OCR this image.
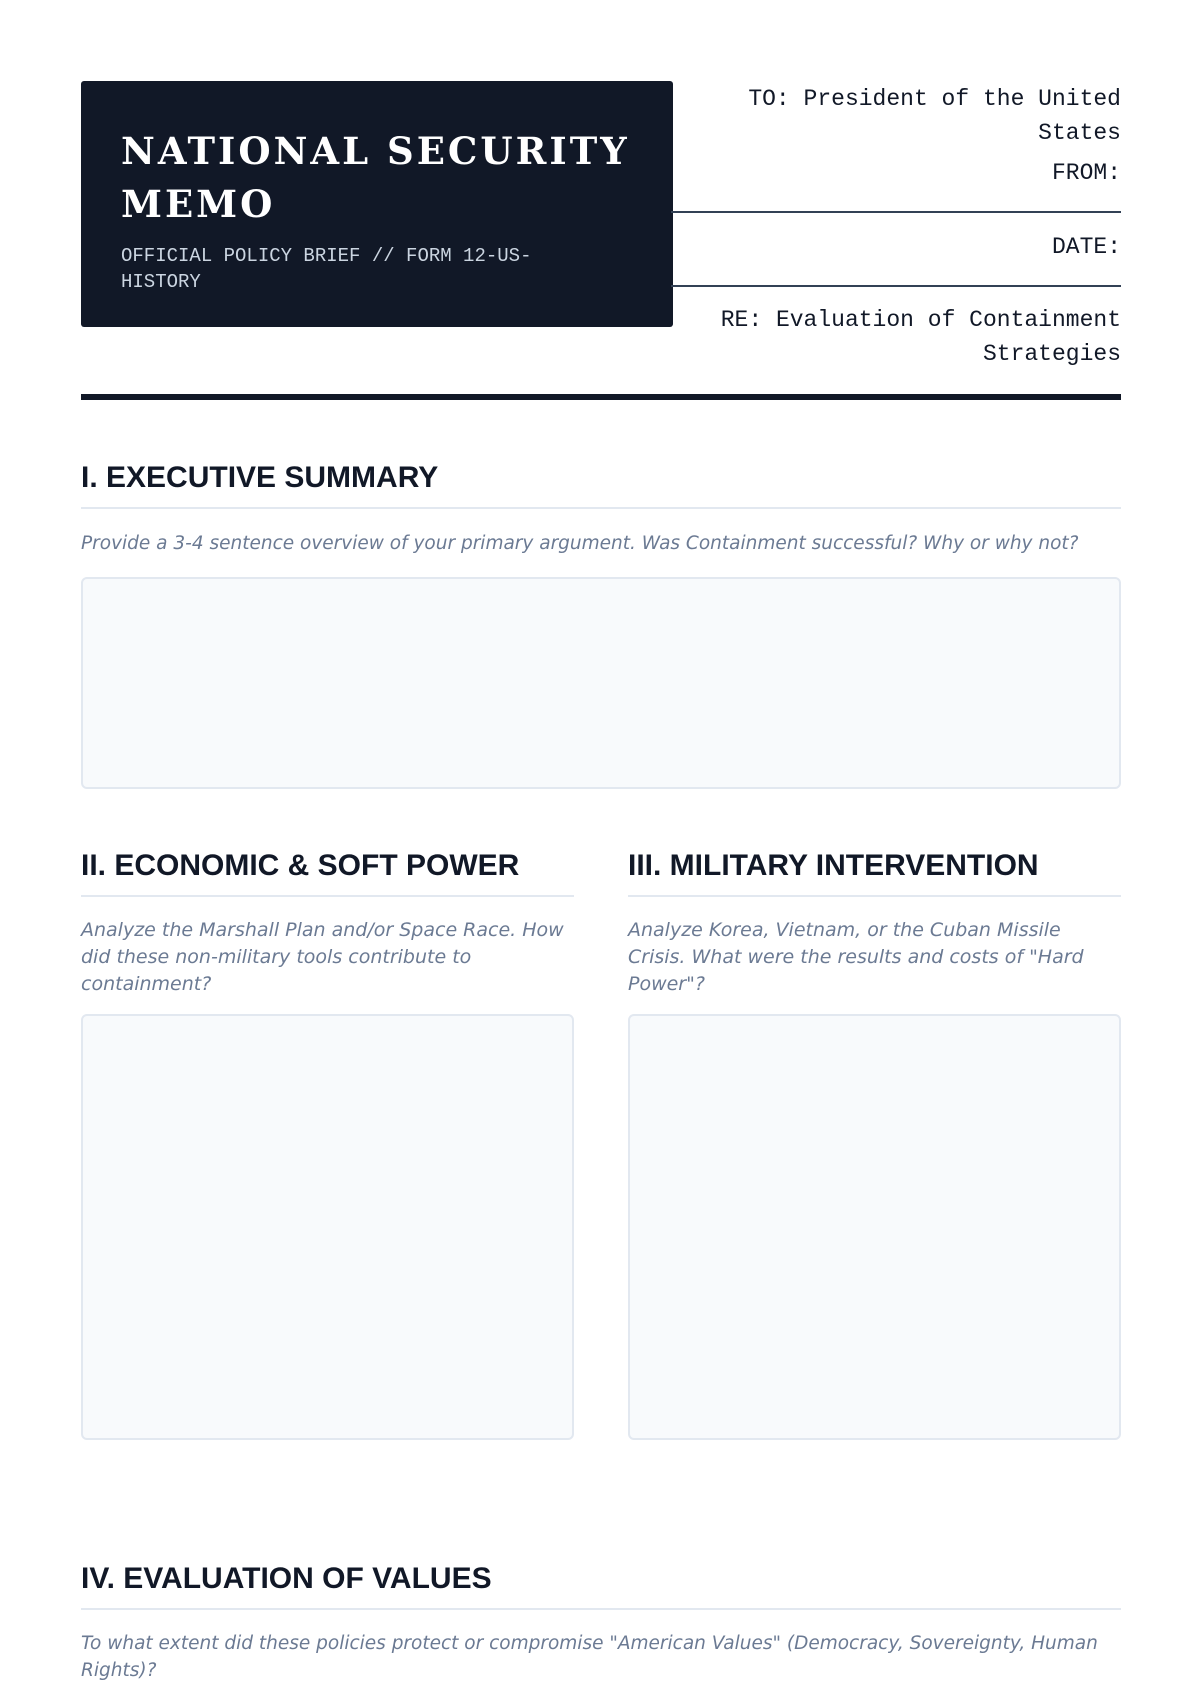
NATIONAL SECURITY MEMO
OFFICIAL POLICY BRIEF // FORM 12-US-HISTORY
TO: President of the United States
FROM:
DATE:
RE: Evaluation of Containment Strategies
I. EXECUTIVE SUMMARY
Provide a 3-4 sentence overview of your primary argument. Was Containment successful? Why or why not?
II. ECONOMIC & SOFT POWER
Analyze the Marshall Plan and/or Space Race. How did these non-military tools contribute to containment?
III. MILITARY INTERVENTION
Analyze Korea, Vietnam, or the Cuban Missile Crisis. What were the results and costs of "Hard Power"?
IV. EVALUATION OF VALUES
To what extent did these policies protect or compromise "American Values" (Democracy, Sovereignty, Human Rights)?
